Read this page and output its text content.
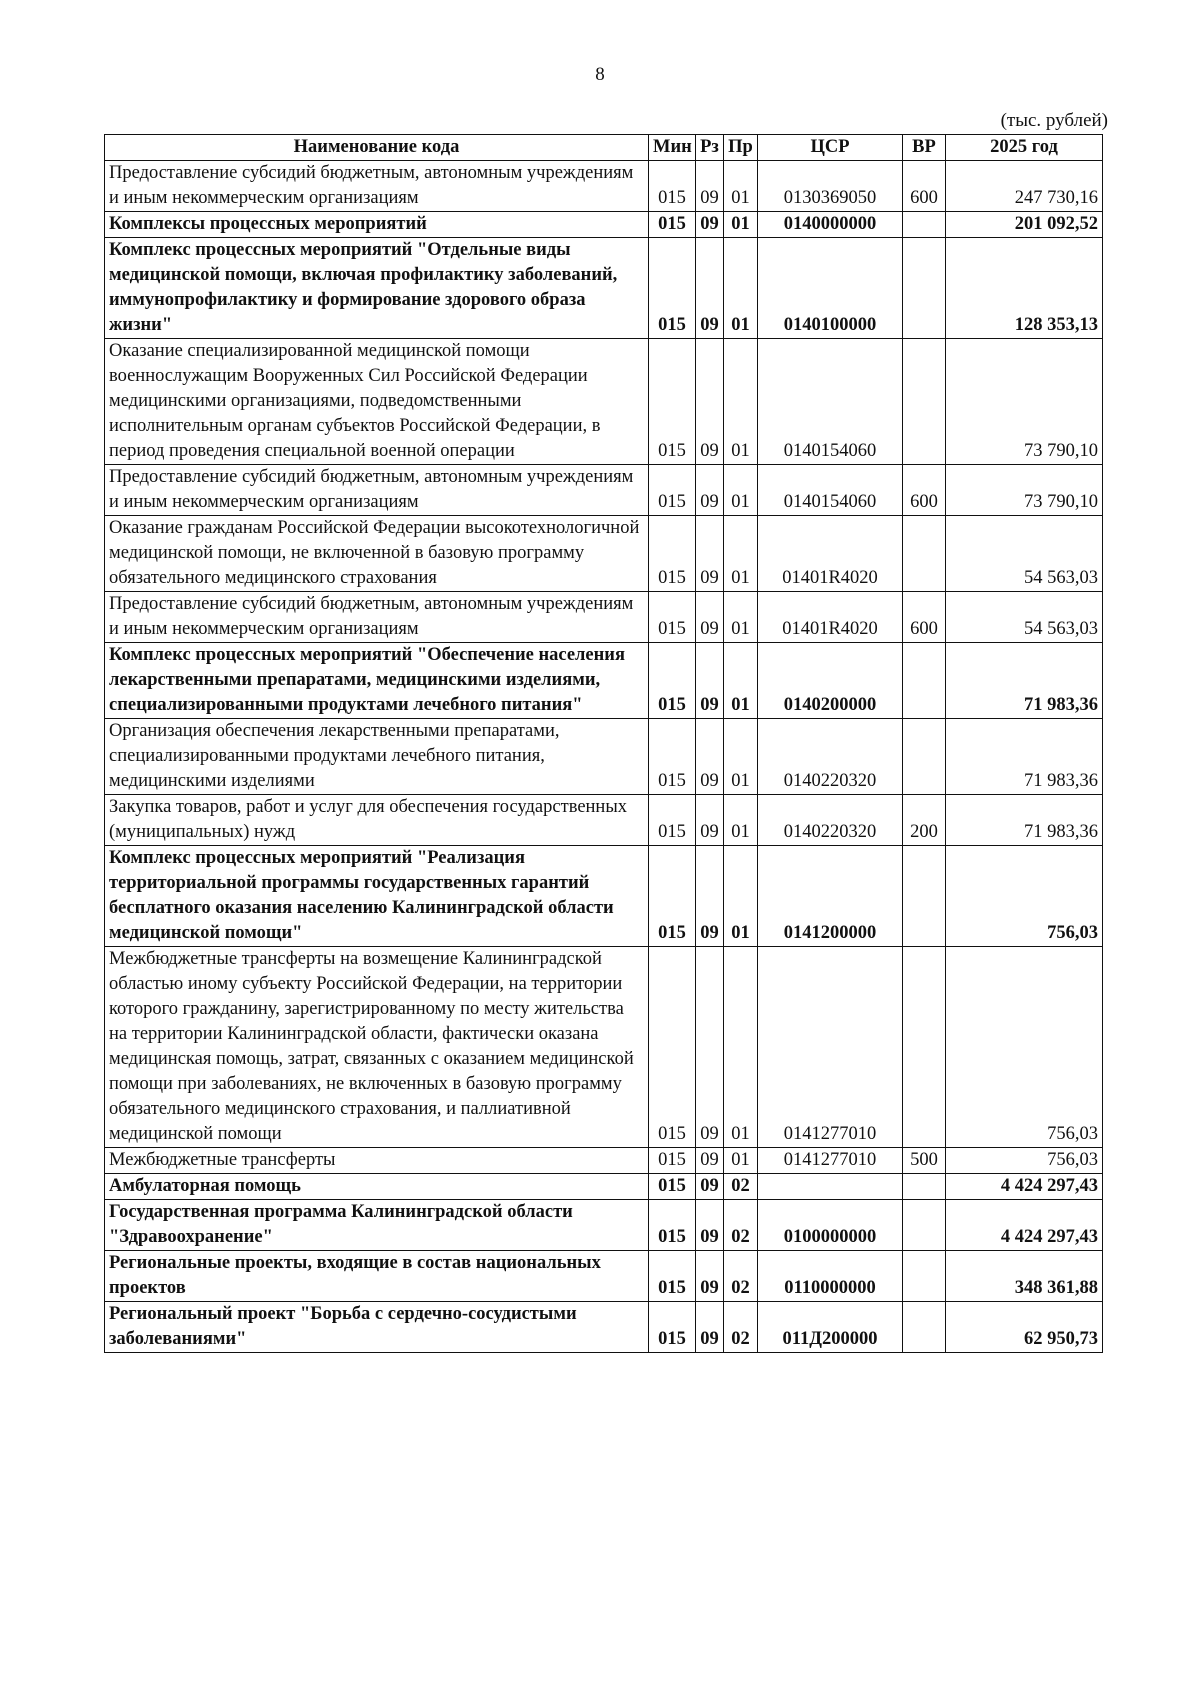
8
(тыс. рублей)
Наименование кода	Мин	Рз	Пр	ЦСР	ВР	2025 год
Предоставление субсидий бюджетным, автономным учреждениям и иным некоммерческим организациям	015	09	01	0130369050	600	247 730,16
Комплексы процессных мероприятий	015	09	01	0140000000		201 092,52
Комплекс процессных мероприятий "Отдельные виды медицинской помощи, включая профилактику заболеваний, иммунопрофилактику и формирование здорового образа жизни"	015	09	01	0140100000		128 353,13
Оказание специализированной медицинской помощи военнослужащим Вооруженных Сил Российской Федерации медицинскими организациями, подведомственными исполнительным органам субъектов Российской Федерации, в период проведения специальной военной операции	015	09	01	0140154060		73 790,10
Предоставление субсидий бюджетным, автономным учреждениям и иным некоммерческим организациям	015	09	01	0140154060	600	73 790,10
Оказание гражданам Российской Федерации высокотехнологичной медицинской помощи, не включенной в базовую программу обязательного медицинского страхования	015	09	01	01401R4020		54 563,03
Предоставление субсидий бюджетным, автономным учреждениям и иным некоммерческим организациям	015	09	01	01401R4020	600	54 563,03
Комплекс процессных мероприятий "Обеспечение населения лекарственными препаратами, медицинскими изделиями, специализированными продуктами лечебного питания"	015	09	01	0140200000		71 983,36
Организация обеспечения лекарственными препаратами, специализированными продуктами лечебного питания, медицинскими изделиями	015	09	01	0140220320		71 983,36
Закупка товаров, работ и услуг для обеспечения государственных (муниципальных) нужд	015	09	01	0140220320	200	71 983,36
Комплекс процессных мероприятий "Реализация территориальной программы государственных гарантий бесплатного оказания населению Калининградской области медицинской помощи"	015	09	01	0141200000		756,03
Межбюджетные трансферты на возмещение Калининградской областью иному субъекту Российской Федерации, на территории которого гражданину, зарегистрированному по месту жительства на территории Калининградской области, фактически оказана медицинская помощь, затрат, связанных с оказанием медицинской помощи при заболеваниях, не включенных в базовую программу обязательного медицинского страхования, и паллиативной медицинской помощи	015	09	01	0141277010		756,03
Межбюджетные трансферты	015	09	01	0141277010	500	756,03
Амбулаторная помощь	015	09	02			4 424 297,43
Государственная программа Калининградской области "Здравоохранение"	015	09	02	0100000000		4 424 297,43
Региональные проекты, входящие в состав национальных проектов	015	09	02	0110000000		348 361,88
Региональный проект "Борьба с сердечно-сосудистыми заболеваниями"	015	09	02	011Д200000		62 950,73
